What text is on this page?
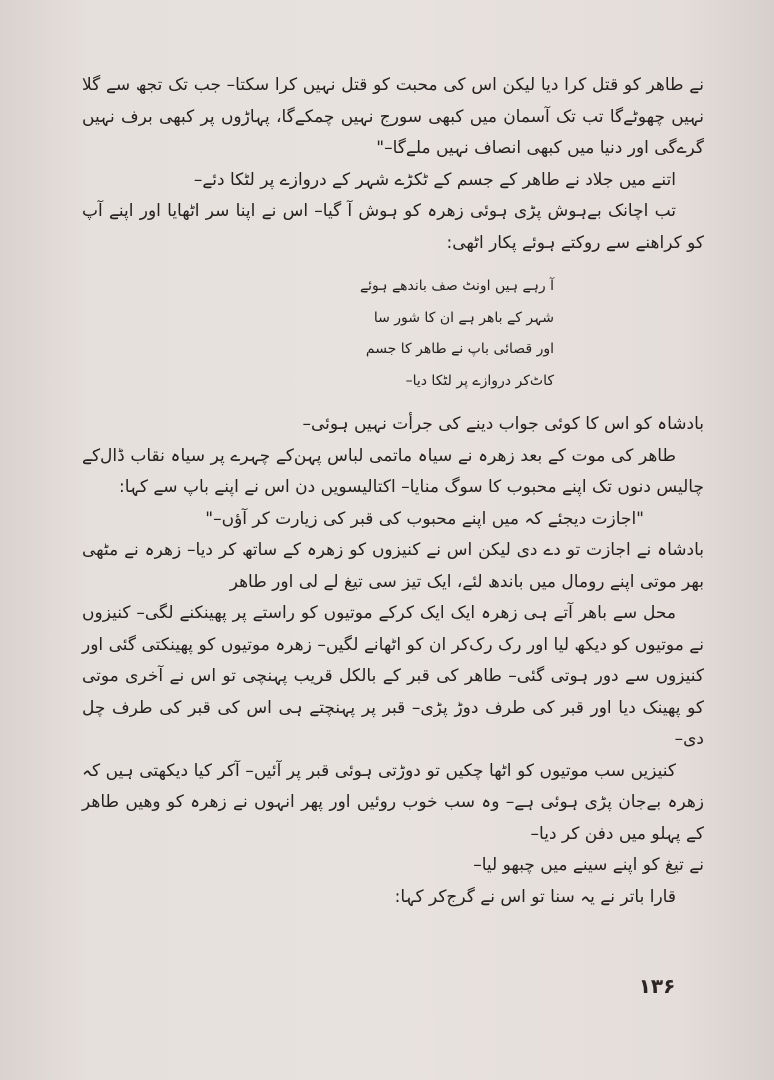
نے طاھر کو قتل کرا دیا لیکن اس کی محبت کو قتل نہیں کرا سکتا– جب تک تجھ سے گلا نہیں چھوٹےگا تب تک آسمان میں کبھی سورج نہیں چمکےگا، پہاڑوں پر کبھی برف نہیں گرےگی اور دنیا میں کبھی انصاف نہیں ملےگا–"

اتنے میں جلاد نے طاھر کے جسم کے ٹکڑے شہر کے دروازے پر لٹکا دئے–

تب اچانک بےہوش پڑی ہوئی زھرہ کو ہوش آ گیا– اس نے اپنا سر اٹھایا اور اپنے آپ کو کراھنے سے روکتے ہوئے پکار اٹھی:

آ رہے ہیں اونٹ صف باندھے ہوئے
شہر کے باھر ہے ان کا شور سا
اور قصائی باپ نے طاھر کا جسم
کاٹ‌کر دروازے پر لٹکا دیا–

بادشاہ کو اس کا کوئی جواب دینے کی جرأت نہیں ہوئی–

طاھر کی موت کے بعد زھرہ نے سیاہ ماتمی لباس پہن‌کے چہرے پر سیاہ نقاب ڈال‌کے چالیس دنوں تک اپنے محبوب کا سوگ منایا– اکتالیسویں دن اس نے اپنے باپ سے کہا:

"اجازت دیجئے کہ میں اپنے محبوب کی قبر کی زیارت کر آؤں–"

بادشاہ نے اجازت تو دے دی لیکن اس نے کنیزوں کو زھرہ کے ساتھ کر دیا– زھرہ نے مٹھی بھر موتی اپنے رومال میں باندھ لئے، ایک تیز سی تیغ لے لی اور طاھر

محل سے باھر آتے ہی زھرہ ایک ایک کرکے موتیوں کو راستے پر پھینکنے لگی– کنیزوں نے موتیوں کو دیکھ لیا اور رک رک‌کر ان کو اٹھانے لگیں– زھرہ موتیوں کو پھینکتی گئی اور کنیزوں سے دور ہوتی گئی– طاھر کی قبر کے بالکل قریب پہنچی تو اس نے آخری موتی کو پھینک دیا اور قبر کی طرف دوڑ پڑی– قبر پر پہنچتے ہی اس کی قبر کی طرف چل دی–

کنیزیں سب موتیوں کو اٹھا چکیں تو دوڑتی ہوئی قبر پر آئیں– آکر کیا دیکھتی ہیں کہ زھرہ بےجان پڑی ہوئی ہے– وہ سب خوب روئیں اور پھر انہوں نے زھرہ کو وھیں طاھر کے پہلو میں دفن کر دیا–

نے تیغ کو اپنے سینے میں چبھو لیا–

قارا باتر نے یہ سنا تو اس نے گرج‌کر کہا:

۱۳۶
